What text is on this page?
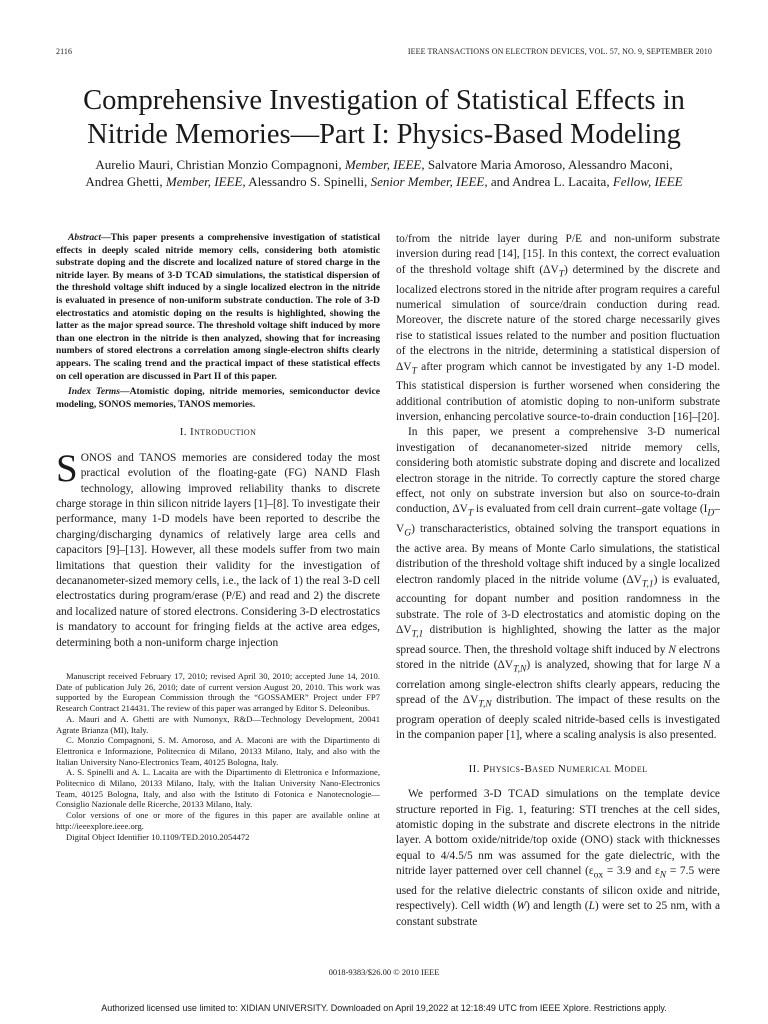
2116	IEEE TRANSACTIONS ON ELECTRON DEVICES, VOL. 57, NO. 9, SEPTEMBER 2010
Comprehensive Investigation of Statistical Effects in
Nitride Memories—Part I: Physics-Based Modeling
Aurelio Mauri, Christian Monzio Compagnoni, Member, IEEE, Salvatore Maria Amoroso, Alessandro Maconi,
Andrea Ghetti, Member, IEEE, Alessandro S. Spinelli, Senior Member, IEEE, and Andrea L. Lacaita, Fellow, IEEE

Abstract—This paper presents a comprehensive investigation of statistical effects in deeply scaled nitride memory cells, considering both atomistic substrate doping and the discrete and localized nature of stored charge in the nitride layer. By means of 3-D TCAD simulations, the statistical dispersion of the threshold voltage shift induced by a single localized electron in the nitride is evaluated in presence of non-uniform substrate conduction. The role of 3-D electrostatics and atomistic doping on the results is highlighted, showing the latter as the major spread source. The threshold voltage shift induced by more than one electron in the nitride is then analyzed, showing that for increasing numbers of stored electrons a correlation among single-electron shifts clearly appears. The scaling trend and the practical impact of these statistical effects on cell operation are discussed in Part II of this paper.

Index Terms—Atomistic doping, nitride memories, semiconductor device modeling, SONOS memories, TANOS memories.

I. Introduction

SONOS and TANOS memories are considered today the most practical evolution of the floating-gate (FG) NAND Flash technology, allowing improved reliability thanks to discrete charge storage in thin silicon nitride layers [1]–[8]. To investigate their performance, many 1-D models have been reported to describe the charging/discharging dynamics of relatively large area cells and capacitors [9]–[13]. However, all these models suffer from two main limitations that question their validity for the investigation of decananometer-sized memory cells, i.e., the lack of 1) the real 3-D cell electrostatics during program/erase (P/E) and read and 2) the discrete and localized nature of stored electrons. Considering 3-D electrostatics is mandatory to account for fringing fields at the active area edges, determining both a non-uniform charge injection

Manuscript received February 17, 2010; revised April 30, 2010; accepted June 14, 2010. Date of publication July 26, 2010; date of current version August 20, 2010. This work was supported by the European Commission through the “GOSSAMER” Project under FP7 Research Contract 214431. The review of this paper was arranged by Editor S. Deleonibus.

A. Mauri and A. Ghetti are with Numonyx, R&D—Technology Development, 20041 Agrate Brianza (MI), Italy.

C. Monzio Compagnoni, S. M. Amoroso, and A. Maconi are with the Dipartimento di Elettronica e Informazione, Politecnico di Milano, 20133 Milano, Italy, and also with the Italian University Nano-Electronics Team, 40125 Bologna, Italy.

A. S. Spinelli and A. L. Lacaita are with the Dipartimento di Elettronica e Informazione, Politecnico di Milano, 20133 Milano, Italy, with the Italian University Nano-Electronics Team, 40125 Bologna, Italy, and also with the Istituto di Fotonica e Nanotecnologie—Consiglio Nazionale delle Ricerche, 20133 Milano, Italy.

Color versions of one or more of the figures in this paper are available online at http://ieeexplore.ieee.org.

Digital Object Identifier 10.1109/TED.2010.2054472

to/from the nitride layer during P/E and non-uniform substrate inversion during read [14], [15]. In this context, the correct evaluation of the threshold voltage shift $(\Delta V_T)$ determined by the discrete and localized electrons stored in the nitride after program requires a careful numerical simulation of source/drain conduction during read. Moreover, the discrete nature of the stored charge necessarily gives rise to statistical issues related to the number and position fluctuation of the electrons in the nitride, determining a statistical dispersion of $\Delta V_T$ after program which cannot be investigated by any 1-D model. This statistical dispersion is further worsened when considering the additional contribution of atomistic doping to non-uniform substrate inversion, enhancing percolative source-to-drain conduction [16]–[20].

In this paper, we present a comprehensive 3-D numerical investigation of decananometer-sized nitride memory cells, considering both atomistic substrate doping and discrete and localized electron storage in the nitride. To correctly capture the stored charge effect, not only on substrate inversion but also on source-to-drain conduction, $\Delta V_T$ is evaluated from cell drain current–gate voltage $(I_D-V_G)$ transcharacteristics, obtained solving the transport equations in the active area. By means of Monte Carlo simulations, the statistical distribution of the threshold voltage shift induced by a single localized electron randomly placed in the nitride volume $(\Delta V_{T,1})$ is evaluated, accounting for dopant number and position randomness in the substrate. The role of 3-D electrostatics and atomistic doping on the $\Delta V_{T,1}$ distribution is highlighted, showing the latter as the major spread source. Then, the threshold voltage shift induced by N electrons stored in the nitride $(\Delta V_{T,N})$ is analyzed, showing that for large N a correlation among single-electron shifts clearly appears, reducing the spread of the $\Delta V_{T,N}$ distribution. The impact of these results on the program operation of deeply scaled nitride-based cells is investigated in the companion paper [1], where a scaling analysis is also presented.

II. Physics-Based Numerical Model

We performed 3-D TCAD simulations on the template device structure reported in Fig. 1, featuring: STI trenches at the cell sides, atomistic doping in the substrate and discrete electrons in the nitride layer. A bottom oxide/nitride/top oxide (ONO) stack with thicknesses equal to 4/4.5/5 nm was assumed for the gate dielectric, with the nitride layer patterned over cell channel ($\varepsilon_{ox} = 3.9$ and $\varepsilon_N = 7.5$ were used for the relative dielectric constants of silicon oxide and nitride, respectively). Cell width (W) and length (L) were set to 25 nm, with a constant substrate

0018-9383/$26.00 © 2010 IEEE
Authorized licensed use limited to: XIDIAN UNIVERSITY. Downloaded on April 19,2022 at 12:18:49 UTC from IEEE Xplore. Restrictions apply.
